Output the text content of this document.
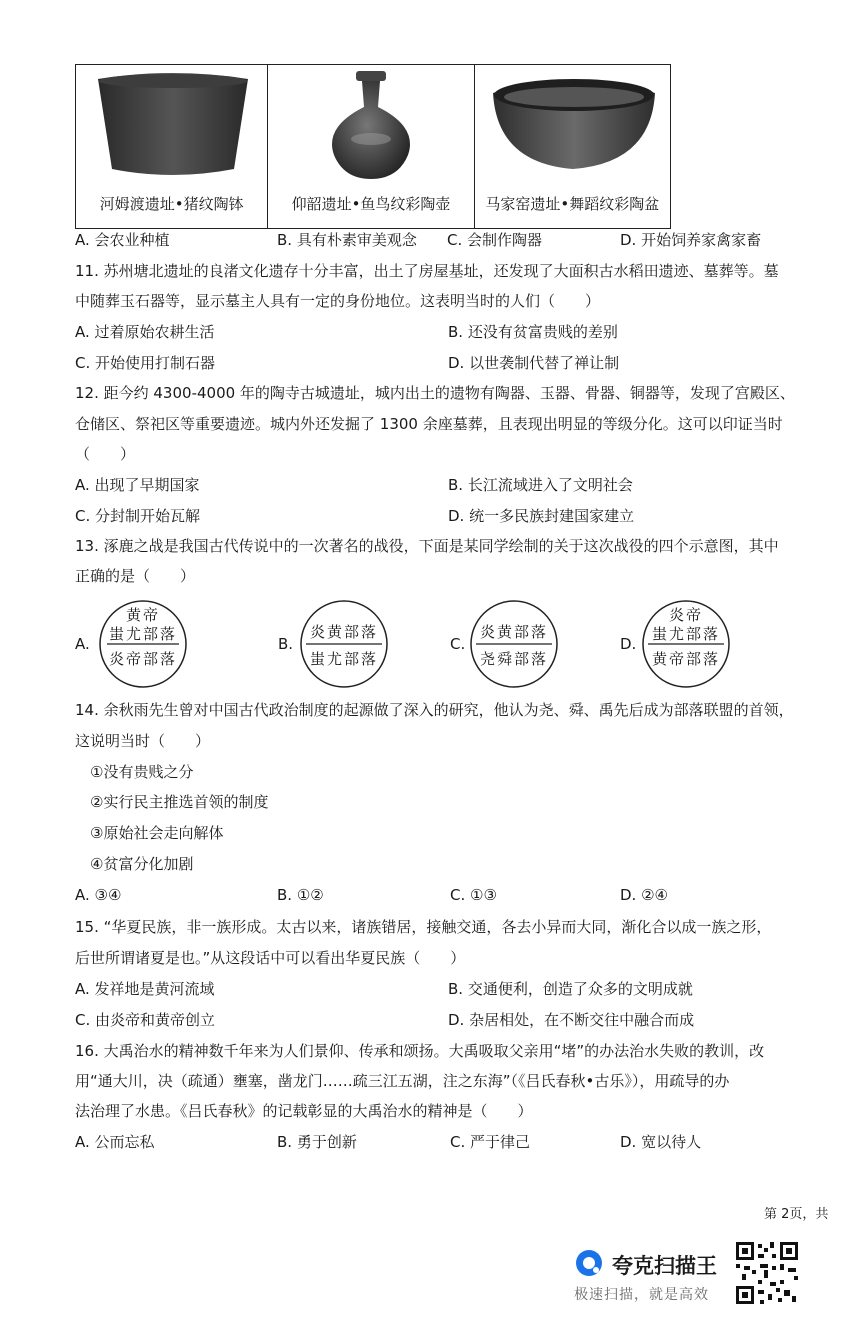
河姆渡遗址•猪纹陶钵	仰韶遗址•鱼鸟纹彩陶壶	马家窑遗址•舞蹈纹彩陶盆
A. 会农业种植	B. 具有朴素审美观念 C. 会制作陶器	D. 开始饲养家禽家畜
11. 苏州塘北遗址的良渚文化遗存十分丰富，出土了房屋基址，还发现了大面积古水稻田遗迹、墓葬等。墓
中随葬玉石器等，显示墓主人具有一定的身份地位。这表明当时的人们（　　）
A. 过着原始农耕生活	B. 还没有贫富贵贱的差别
C. 开始使用打制石器	D. 以世袭制代替了禅让制
12. 距今约 4300-4000 年的陶寺古城遗址，城内出土的遗物有陶器、玉器、骨器、铜器等，发现了宫殿区、
仓储区、祭祀区等重要遗迹。城内外还发掘了 1300 余座墓葬，且表现出明显的等级分化。这可以印证当时
（　　）
A. 出现了早期国家	B. 长江流域进入了文明社会
C. 分封制开始瓦解	D. 统一多民族封建国家建立
13. 涿鹿之战是我国古代传说中的一次著名的战役，下面是某同学绘制的关于这次战役的四个示意图，其中
正确的是（　　）
A.
黄帝
蚩尤部落
炎帝部落
B.
炎黄部落
蚩尤部落
C.
炎黄部落
尧舜部落
D.
炎帝
蚩尤部落
黄帝部落
14. 余秋雨先生曾对中国古代政治制度的起源做了深入的研究，他认为尧、舜、禹先后成为部落联盟的首领，
这说明当时（　　）
①没有贵贱之分
②实行民主推选首领的制度
③原始社会走向解体
④贫富分化加剧
A. ③④	B. ①②	C. ①③	D. ②④
15. “华夏民族，非一族形成。太古以来，诸族错居，接触交通，各去小异而大同，渐化合以成一族之形，
后世所谓诸夏是也。”从这段话中可以看出华夏民族（　　）
A. 发祥地是黄河流域	B. 交通便利，创造了众多的文明成就
C. 由炎帝和黄帝创立	D. 杂居相处，在不断交往中融合而成
16. 大禹治水的精神数千年来为人们景仰、传承和颂扬。大禹吸取父亲用“堵”的办法治水失败的教训，改
用“通大川，决（疏通）壅塞，凿龙门……疏三江五湖，注之东海”（《吕氏春秋•古乐》），用疏导的办
法治理了水患。《吕氏春秋》的记载彰显的大禹治水的精神是（　　）
A. 公而忘私	B. 勇于创新	C. 严于律己	D. 宽以待人
第 2页，共
夸克扫描王
极速扫描，就是高效
